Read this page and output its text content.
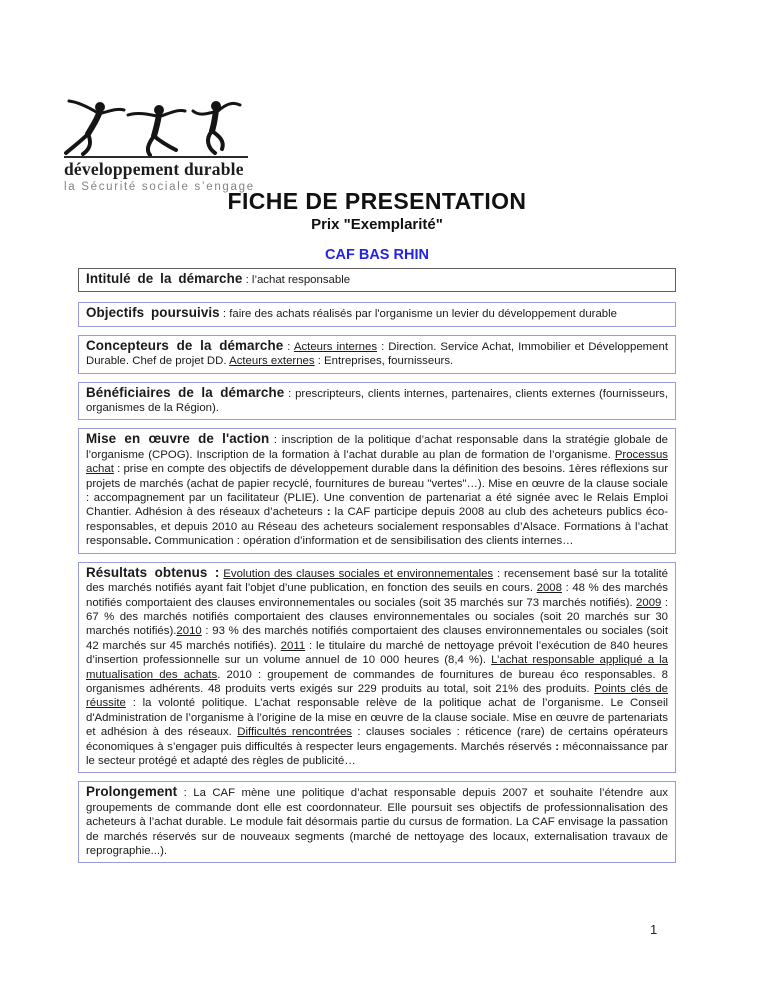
développement durable
la Sécurité sociale s’engage
FICHE DE PRESENTATION
Prix "Exemplarité"
CAF BAS RHIN
Intitulé de la démarche : l’achat responsable
Objectifs poursuivis : faire des achats réalisés par l'organisme un levier du développement durable
Concepteurs de la démarche : Acteurs internes : Direction. Service Achat, Immobilier et Développement Durable. Chef de projet DD. Acteurs externes : Entreprises, fournisseurs.
Bénéficiaires de la démarche : prescripteurs, clients internes, partenaires, clients externes (fournisseurs, organismes de la Région).
Mise en œuvre de l'action : inscription de la politique d’achat responsable dans la stratégie globale de l’organisme (CPOG). Inscription de la formation à l’achat durable au plan de formation de l’organisme. Processus achat : prise en compte des objectifs de développement durable dans la définition des besoins. 1ères réflexions sur projets de marchés (achat de papier recyclé, fournitures de bureau "vertes"…). Mise en œuvre de la clause sociale : accompagnement par un facilitateur (PLIE). Une convention de partenariat a été signée avec le Relais Emploi Chantier. Adhésion à des réseaux d’acheteurs : la CAF participe depuis 2008 au club des acheteurs publics éco-responsables, et depuis 2010 au Réseau des acheteurs socialement responsables d’Alsace. Formations à l’achat responsable. Communication : opération d’information et de sensibilisation des clients internes…
Résultats obtenus : Evolution des clauses sociales et environnementales : recensement basé sur la totalité des marchés notifiés ayant fait l’objet d’une publication, en fonction des seuils en cours. 2008 : 48 % des marchés notifiés comportaient des clauses environnementales ou sociales (soit 35 marchés sur 73 marchés notifiés). 2009 : 67 % des marchés notifiés comportaient des clauses environnementales ou sociales (soit 20 marchés sur 30 marchés notifiés).2010 : 93 % des marchés notifiés comportaient des clauses environnementales ou sociales (soit 42 marchés sur 45 marchés notifiés). 2011 : le titulaire du marché de nettoyage prévoit l’exécution de 840 heures d’insertion professionnelle sur un volume annuel de 10 000 heures (8,4 %). L’achat responsable appliqué a la mutualisation des achats. 2010 : groupement de commandes de fournitures de bureau éco responsables. 8 organismes adhérents. 48 produits verts exigés sur 229 produits au total, soit 21% des produits. Points clés de réussite : la volonté politique. L’achat responsable relève de la politique achat de l’organisme. Le Conseil d'Administration de l’organisme à l’origine de la mise en œuvre de la clause sociale. Mise en œuvre de partenariats et adhésion à des réseaux. Difficultés rencontrées : clauses sociales : réticence (rare) de certains opérateurs économiques à s’engager puis difficultés à respecter leurs engagements. Marchés réservés : méconnaissance par le secteur protégé et adapté des règles de publicité…
Prolongement : La CAF mène une politique d’achat responsable depuis 2007 et souhaite l’étendre aux groupements de commande dont elle est coordonnateur. Elle poursuit ses objectifs de professionnalisation des acheteurs à l’achat durable. Le module fait désormais partie du cursus de formation. La CAF envisage la passation de marchés réservés sur de nouveaux segments (marché de nettoyage des locaux, externalisation travaux de reprographie...).
1
